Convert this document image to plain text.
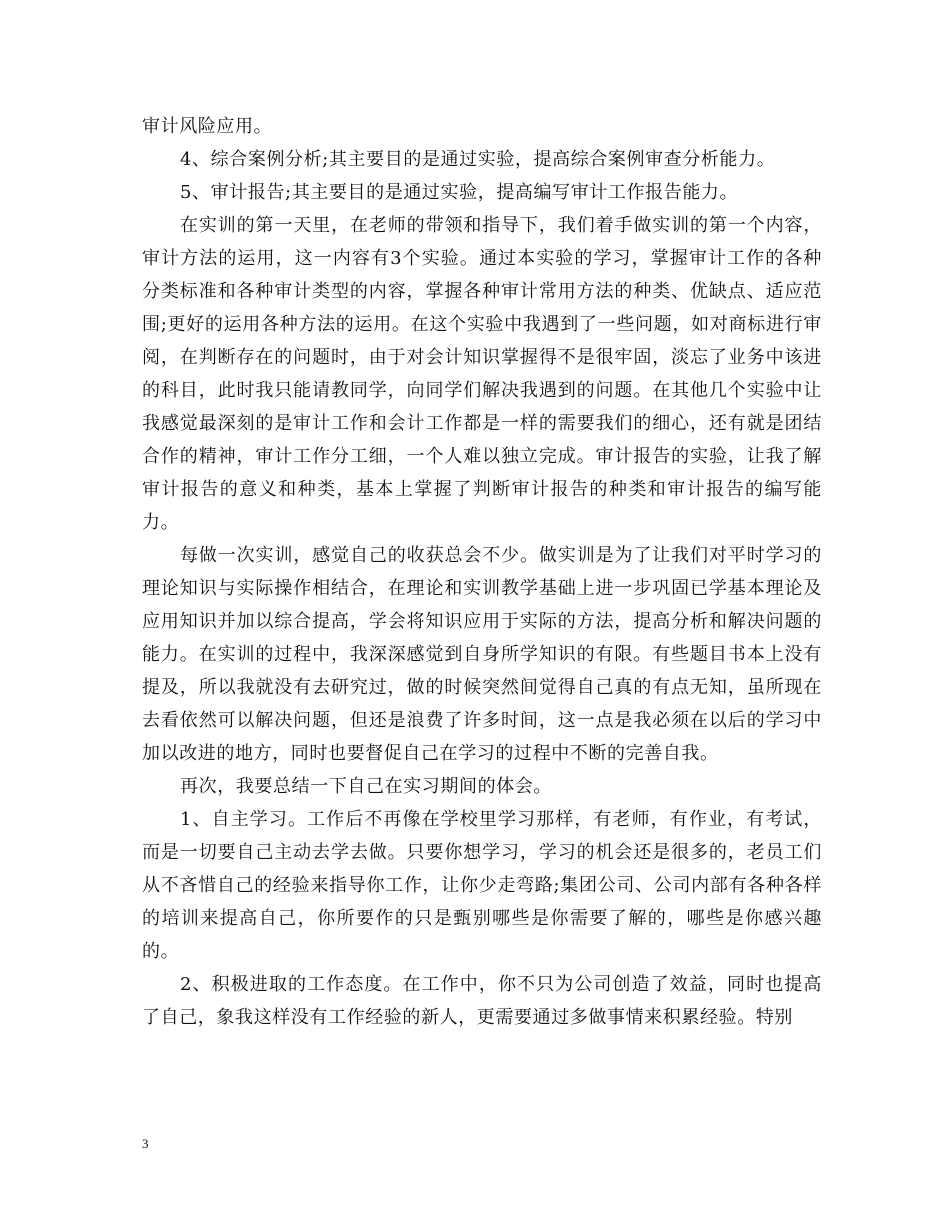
审计风险应用。

4、综合案例分析;其主要目的是通过实验，提高综合案例审查分析能力。

5、审计报告;其主要目的是通过实验，提高编写审计工作报告能力。

在实训的第一天里，在老师的带领和指导下，我们着手做实训的第一个内容，审计方法的运用，这一内容有3个实验。通过本实验的学习，掌握审计工作的各种分类标准和各种审计类型的内容，掌握各种审计常用方法的种类、优缺点、适应范围;更好的运用各种方法的运用。在这个实验中我遇到了一些问题，如对商标进行审阅，在判断存在的问题时，由于对会计知识掌握得不是很牢固，淡忘了业务中该进的科目，此时我只能请教同学，向同学们解决我遇到的问题。在其他几个实验中让我感觉最深刻的是审计工作和会计工作都是一样的需要我们的细心，还有就是团结合作的精神，审计工作分工细，一个人难以独立完成。审计报告的实验，让我了解审计报告的意义和种类，基本上掌握了判断审计报告的种类和审计报告的编写能力。

每做一次实训，感觉自己的收获总会不少。做实训是为了让我们对平时学习的理论知识与实际操作相结合，在理论和实训教学基础上进一步巩固已学基本理论及应用知识并加以综合提高，学会将知识应用于实际的方法，提高分析和解决问题的能力。在实训的过程中，我深深感觉到自身所学知识的有限。有些题目书本上没有提及，所以我就没有去研究过，做的时候突然间觉得自己真的有点无知，虽所现在去看依然可以解决问题，但还是浪费了许多时间，这一点是我必须在以后的学习中加以改进的地方，同时也要督促自己在学习的过程中不断的完善自我。

再次，我要总结一下自己在实习期间的体会。

1、自主学习。工作后不再像在学校里学习那样，有老师，有作业，有考试，而是一切要自己主动去学去做。只要你想学习，学习的机会还是很多的，老员工们从不吝惜自己的经验来指导你工作，让你少走弯路;集团公司、公司内部有各种各样的培训来提高自己，你所要作的只是甄别哪些是你需要了解的，哪些是你感兴趣的。

2、积极进取的工作态度。在工作中，你不只为公司创造了效益，同时也提高了自己，象我这样没有工作经验的新人，更需要通过多做事情来积累经验。特别

3
